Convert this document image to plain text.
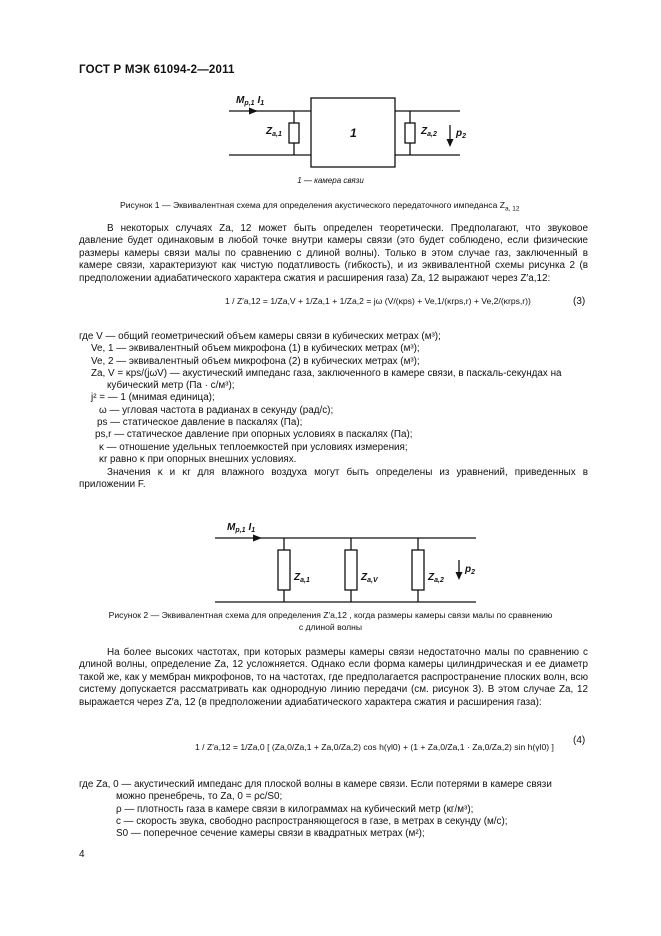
ГОСТ Р МЭК 61094-2—2011
$M_{p,1}$ $I_1$
$Z_{a,1}$	1	$Z_{a,2}$ $p_2$
1 — камера связи
Рисунок 1 — Эквивалентная схема для определения акустического передаточного импеданса $Z_{a, 12}$

В некоторых случаях Za, 12 может быть определен теоретически. Предполагают, что звуковое давление будет одинаковым в любой точке внутри камеры связи (это будет соблюдено, если физические размеры камеры связи малы по сравнению с длиной волны). Только в этом случае газ, заключенный в камере связи, характеризуют как чистую податливость (гибкость), и из эквивалентной схемы рисунка 2 (в предположении адиабатического характера сжатия и расширения газа) Za, 12 выражают через Z′a,12:

1 / Z′a,12 = 1/Za,V + 1/Za,1 + 1/Za,2 = jω (V/(κps) + Ve,1/(κrps,r) + Ve,2/(κrps,r))	(3)
где V — общий геометрический объем камеры связи в кубических метрах (м³);
Ve, 1 — эквивалентный объем микрофона (1) в кубических метрах (м³);
Ve, 2 — эквивалентный объем микрофона (2) в кубических метрах (м³);
Za, V = κps/(jωV) — акустический импеданс газа, заключенного в камере связи, в паскаль-секундах на
кубический метр (Па · с/м³);
j² = — 1 (мнимая единица);
ω — угловая частота в радианах в секунду (рад/с);
ps — статическое давление в паскалях (Па);
ps,r — статическое давление при опорных условиях в паскалях (Па);
κ — отношение удельных теплоемкостей при условиях измерения;
κr равно κ при опорных внешних условиях.

Значения κ и κr для влажного воздуха могут быть определены из уравнений, приведенных в приложении F.

$M_{p,1}$ $I_1$
$Z_{a,1}$	$Z_{a,V}$	$Z_{a,2}$
$p_2$
Рисунок 2 — Эквивалентная схема для определения Z′a,12 , когда размеры камеры связи малы по сравнению
с длиной волны

На более высоких частотах, при которых размеры камеры связи недостаточно малы по сравнению с длиной волны, определение Za, 12 усложняется. Однако если форма камеры цилиндрическая и ее диаметр такой же, как у мембран микрофонов, то на частотах, где предполагается распространение плоских волн, всю систему допускается рассматривать как однородную линию передачи (см. рисунок 3). В этом случае Za, 12 выражается через Z′a, 12 (в предположении адиабатического характера сжатия и расширения газа):

1 / Z′a,12 = 1/Za,0 [ (Za,0/Za,1 + Za,0/Za,2) cos h(γl0) + (1 + Za,0/Za,1 · Za,0/Za,2) sin h(γl0) ]
(4)
где Za, 0 — акустический импеданс для плоской волны в камере связи. Если потерями в камере связи
можно пренебречь, то Za, 0 = ρc/S0;
ρ — плотность газа в камере связи в килограммах на кубический метр (кг/м³);
c — скорость звука, свободно распространяющегося в газе, в метрах в секунду (м/с);
S0 — поперечное сечение камеры связи в квадратных метрах (м²);
4
